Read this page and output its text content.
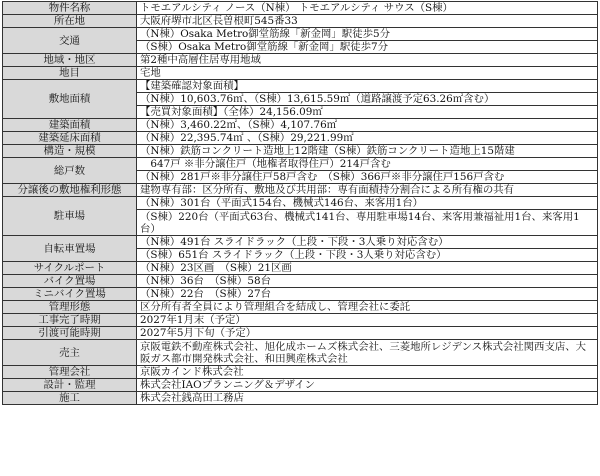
物件名称	トモエアルシティ ノース（N棟） トモエアルシティ サウス（S棟）
所在地	大阪府堺市北区長曽根町545番33
交通	（N棟）Osaka Metro御堂筋線「新金岡」駅徒歩5分
	（S棟）Osaka Metro御堂筋線「新金岡」駅徒歩7分
地域・地区	第2種中高層住居専用地域
地目	宅地
敷地面積	【建築確認対象面積】
	（N棟）10,603.76㎡、（S棟）13,615.59㎡（道路譲渡予定63.26㎡含む）
	【売買対象面積】（全体）24,156.09㎡
建築面積	（N棟）3,460.22㎡、（S棟）4,107.76㎡
建築延床面積	（N棟）22,395.74㎡ 、（S棟）29,221.99㎡
構造・規模	（N棟）鉄筋コンクリート造地上12階建（S棟）鉄筋コンクリート造地上15階建
総戸数	　647戸 ※非分譲住戸（地権者取得住戸）214戸含む
	（N棟）281戸※非分譲住戸58戸含む　（S棟）366戸※非分譲住戸156戸含む
分譲後の敷地権利形態	建物専有部：区分所有、敷地及び共用部：専有面積持分割合による所有権の共有
駐車場	（N棟）301台（平面式154台、機械式146台、来客用1台）
	（S棟）220台（平面式63台、機械式141台、専用駐車場14台、来客用兼福祉用1台、来客用1台）
自転車置場	（N棟）491台 スライドラック（上段・下段・3人乗り対応含む）
	（S棟）651台 スライドラック（上段・下段・3人乗り対応含む）
サイクルポート	（N棟）23区画　（S棟）21区画
バイク置場	（N棟）36台　（S棟）58台
ミニバイク置場	（N棟）22台　（S棟）27台
管理形態	区分所有者全員により管理組合を結成し、管理会社に委託
工事完了時期	2027年1月末（予定）
引渡可能時期	2027年5月下旬（予定）
売主	京阪電鉄不動産株式会社、旭化成ホームズ株式会社、三菱地所レジデンス株式会社関西支店、大阪ガス都市開発株式会社、和田興産株式会社
管理会社	京阪カインド株式会社
設計・監理	株式会社IAOプランニング＆デザイン
施工	株式会社銭高田工務店
